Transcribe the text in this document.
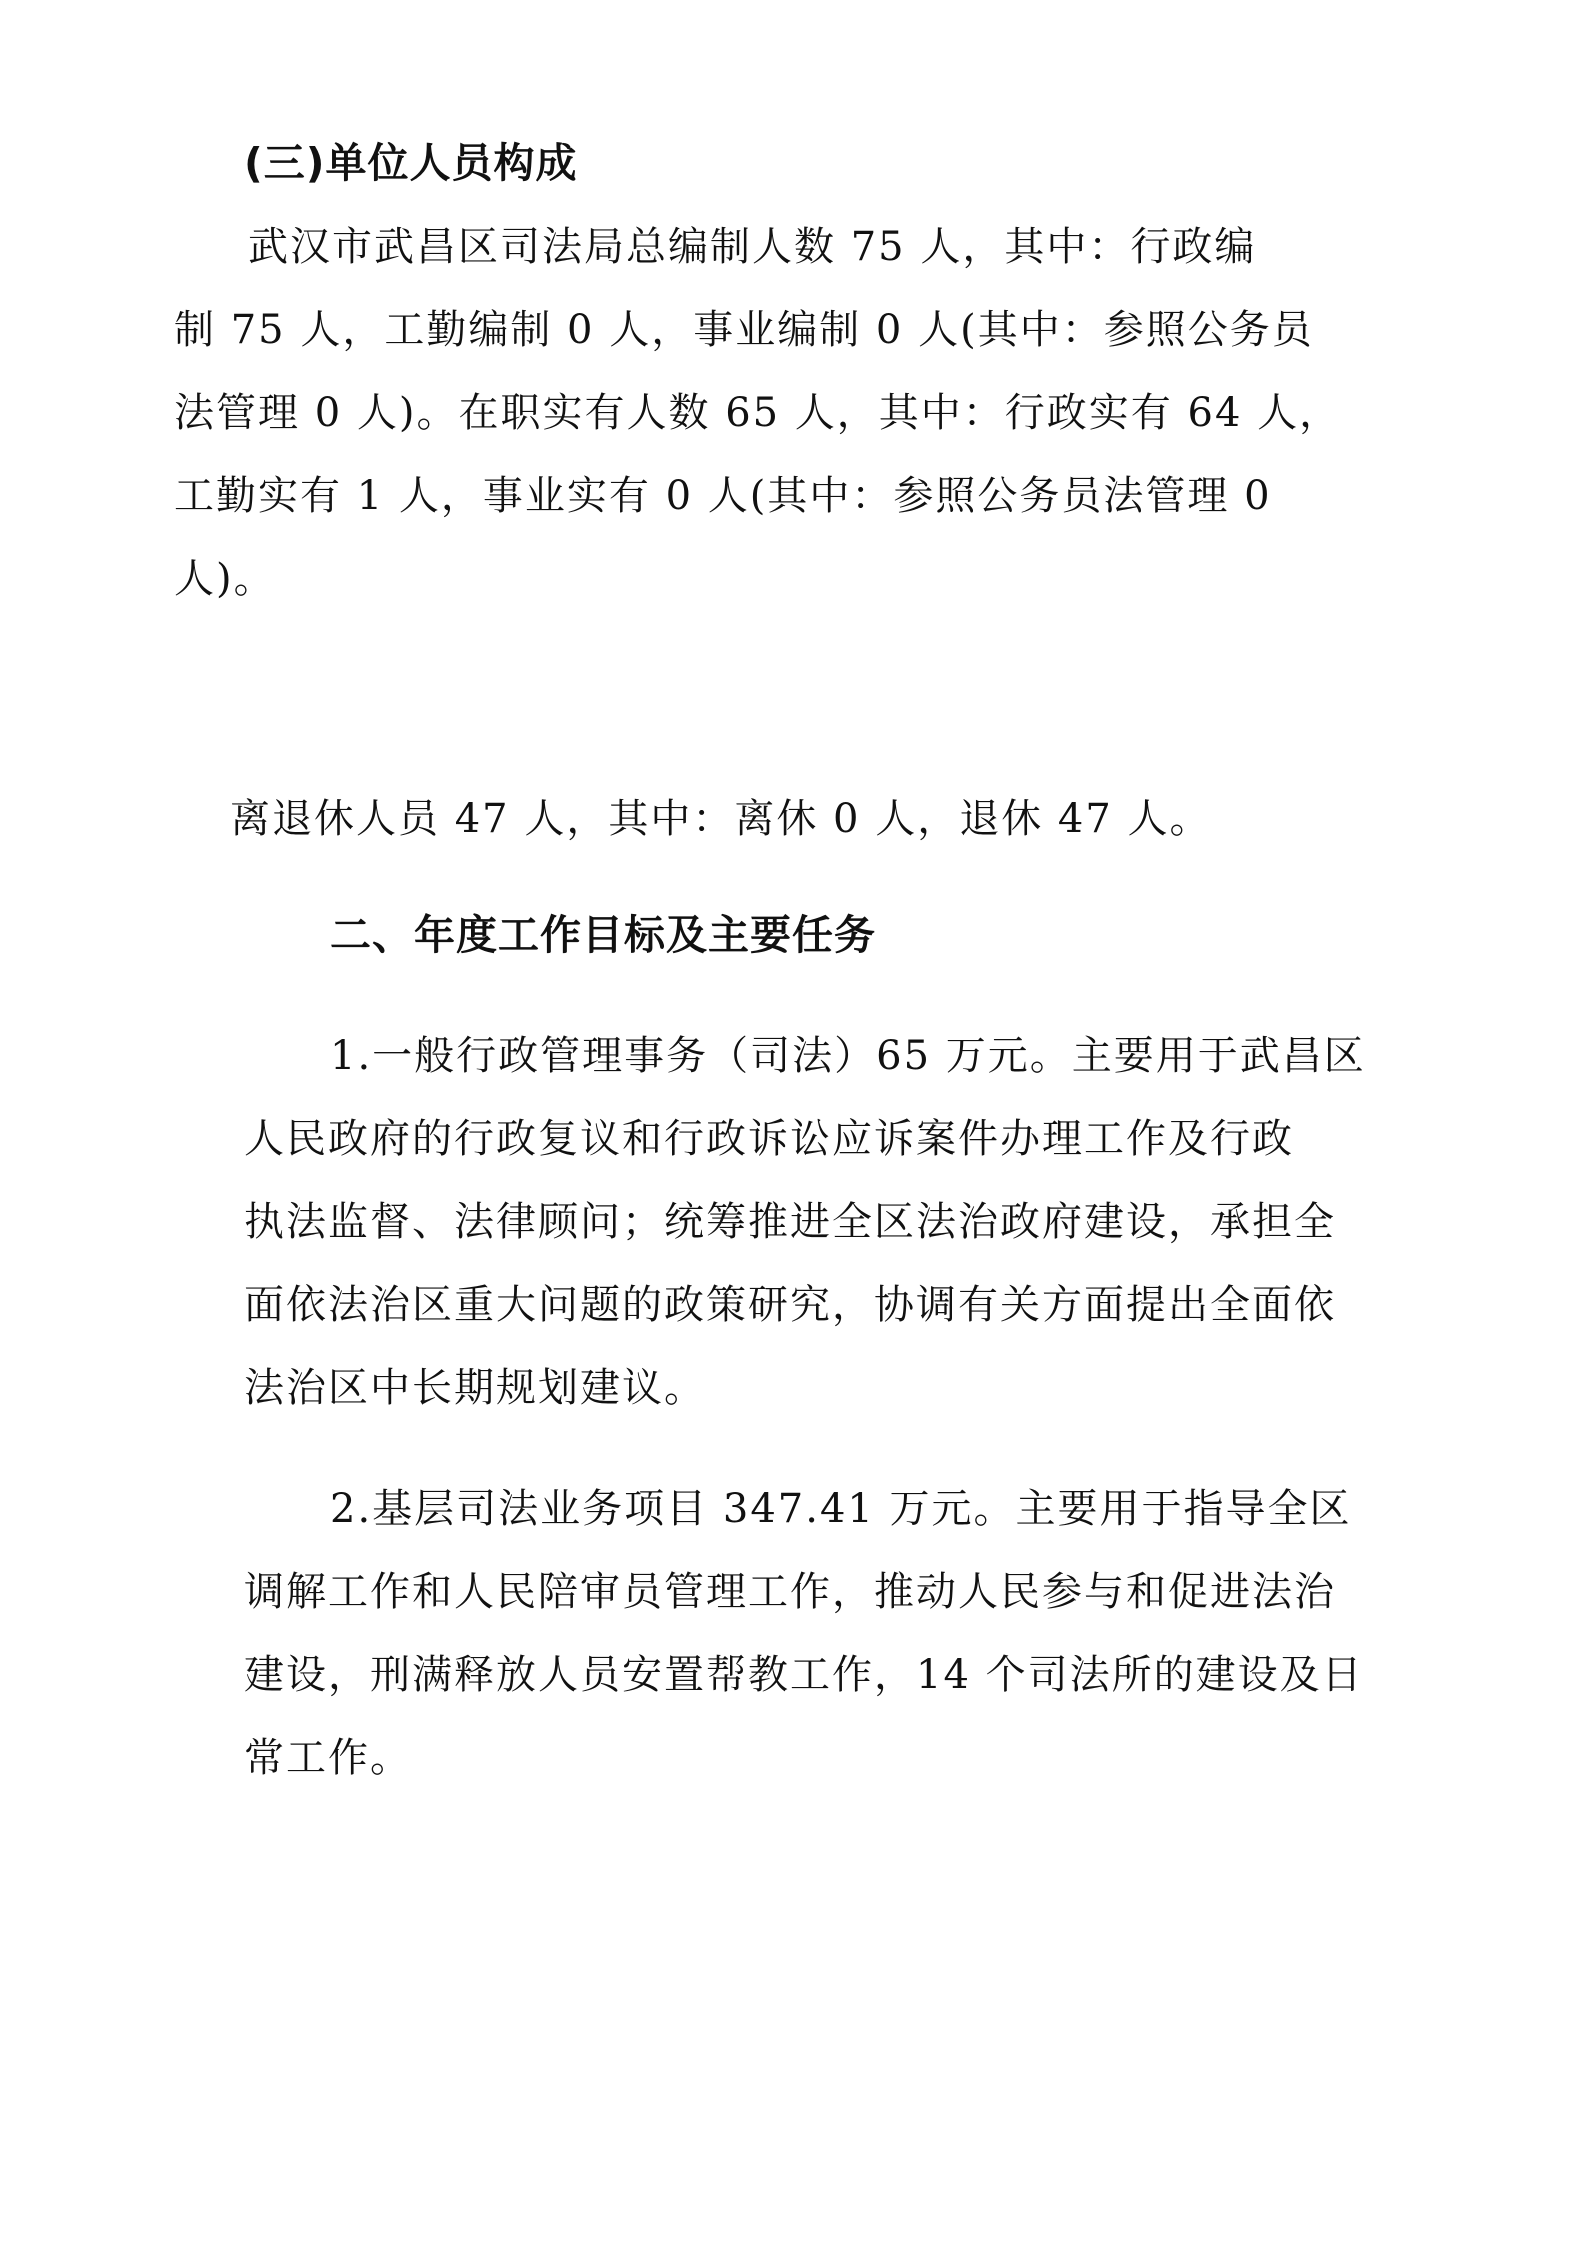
(三)单位人员构成
武汉市武昌区司法局总编制人数 75 人，其中：行政编
制 75 人，工勤编制 0 人，事业编制 0 人(其中：参照公务员
法管理 0 人)。在职实有人数 65 人，其中：行政实有 64 人，
工勤实有 1 人，事业实有 0 人(其中：参照公务员法管理 0
人)。
离退休人员 47 人，其中：离休 0 人，退休 47 人。
二、年度工作目标及主要任务
1.一般行政管理事务（司法）65 万元。主要用于武昌区
人民政府的行政复议和行政诉讼应诉案件办理工作及行政
执法监督、法律顾问；统筹推进全区法治政府建设，承担全
面依法治区重大问题的政策研究，协调有关方面提出全面依
法治区中长期规划建议。
2.基层司法业务项目 347.41 万元。主要用于指导全区
调解工作和人民陪审员管理工作，推动人民参与和促进法治
建设，刑满释放人员安置帮教工作，14 个司法所的建设及日
常工作。
